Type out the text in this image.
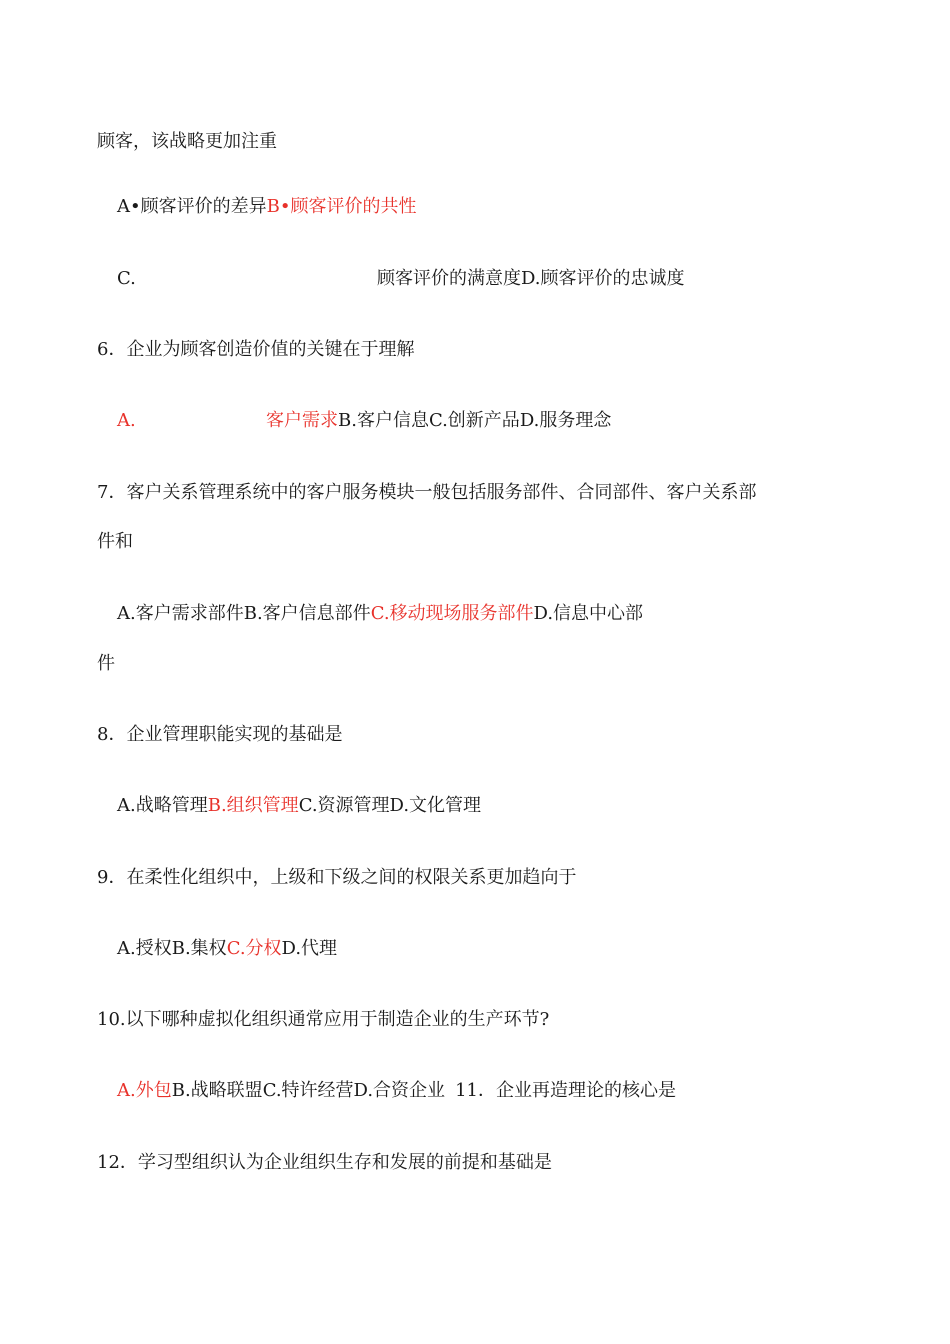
顾客，该战略更加注重
A•顾客评价的差异B•顾客评价的共性
C.	顾客评价的满意度D.顾客评价的忠诚度
6．企业为顾客创造价值的关键在于理解
A.	客户需求B.客户信息C.创新产品D.服务理念
7．客户关系管理系统中的客户服务模块一般包括服务部件、合同部件、客户关系部
件和
A.客户需求部件B.客户信息部件C.移动现场服务部件D.信息中心部
件
8．企业管理职能实现的基础是
A.战略管理B.组织管理C.资源管理D.文化管理
9．在柔性化组织中，上级和下级之间的权限关系更加趋向于
A.授权B.集权C.分权D.代理
10.以下哪种虚拟化组织通常应用于制造企业的生产环节?
A.外包B.战略联盟C.特许经营D.合资企业 11．企业再造理论的核心是
12．学习型组织认为企业组织生存和发展的前提和基础是
